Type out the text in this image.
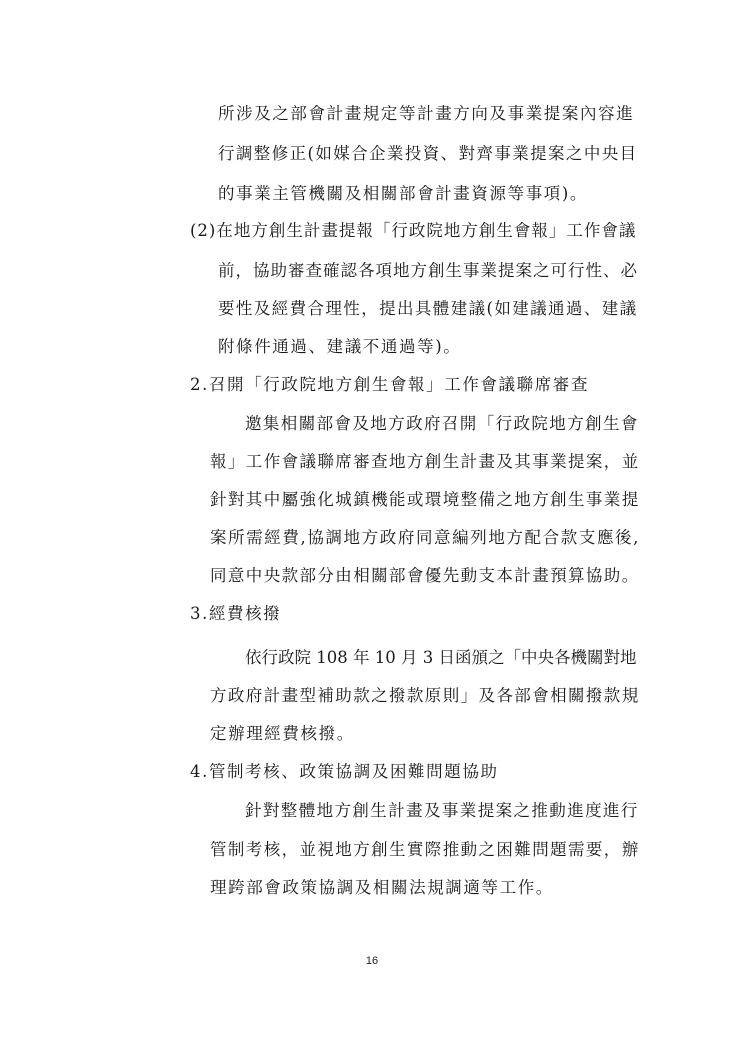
所涉及之部會計畫規定等計畫方向及事業提案內容進
行調整修正(如媒合企業投資、對齊事業提案之中央目
的事業主管機關及相關部會計畫資源等事項)。
(2)在地方創生計畫提報「行政院地方創生會報」工作會議
前，協助審查確認各項地方創生事業提案之可行性、必
要性及經費合理性，提出具體建議(如建議通過、建議
附條件通過、建議不通過等)。
2.召開「行政院地方創生會報」工作會議聯席審查
邀集相關部會及地方政府召開「行政院地方創生會
報」工作會議聯席審查地方創生計畫及其事業提案，並
針對其中屬強化城鎮機能或環境整備之地方創生事業提
案所需經費,協調地方政府同意編列地方配合款支應後,
同意中央款部分由相關部會優先動支本計畫預算協助。
3.經費核撥
依行政院 108 年 10 月 3 日函頒之「中央各機關對地
方政府計畫型補助款之撥款原則」及各部會相關撥款規
定辦理經費核撥。
4.管制考核、政策協調及困難問題協助
針對整體地方創生計畫及事業提案之推動進度進行
管制考核，並視地方創生實際推動之困難問題需要，辦
理跨部會政策協調及相關法規調適等工作。
16
